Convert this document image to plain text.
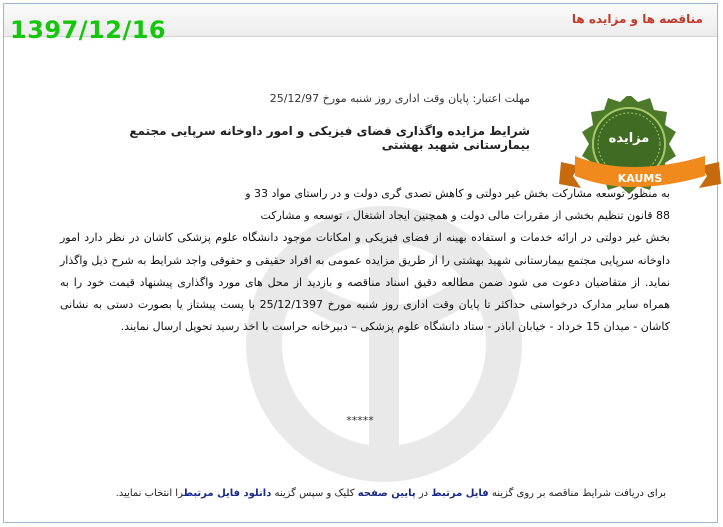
مناقصه ها و مزایده ها
مزایده
KAUMS
1397/12/16
مهلت اعتبار: پایان وقت اداری روز شنبه مورخ 25/12/97
شرایط مزایده واگذاری فضای فیزیکی و امور داوخانه سرپایی مجتمع بیمارستانی شهید بهشتی
به منظور توسعه مشارکت بخش غیر دولتی و کاهش تصدی گری دولت و در راستای مواد 33 و
88 قانون تنظیم بخشی از مقررات مالی دولت و همچنین ایجاد اشتغال ، توسعه و مشارکت
بخش غیر دولتی در ارائه خدمات و استفاده بهینه از فضای فیزیکی و امکانات موجود دانشگاه علوم پزشکی کاشان در نظر دارد امور داوخانه سرپایی مجتمع بیمارستانی شهید بهشتی را از طریق مزایده عمومی به افراد حقیقی و حقوقی واجد شرایط به شرح ذیل واگذار نماید. از متقاضیان دعوت می شود ضمن مطالعه دقیق اسناد مناقصه و بازدید از محل های مورد واگذاری پیشنهاد قیمت خود را به همراه سایر مدارک درخواستی حداکثر تا پایان وقت اداری روز شنبه مورخ 25/12/1397 با پست پیشتاز یا بصورت دستی به نشانی کاشان - میدان 15 خرداد - خیابان اباذر - ستاد دانشگاه علوم پزشکی – دبیرخانه حراست با اخذ رسید تحویل ارسال نمایند.
*****
برای دریافت شرایط مناقصه بر روی گزینه فایل مرتبط در پایین صفحه کلیک و سپس گزینه دانلود فایل مرتبطرا انتخاب نمایید.
